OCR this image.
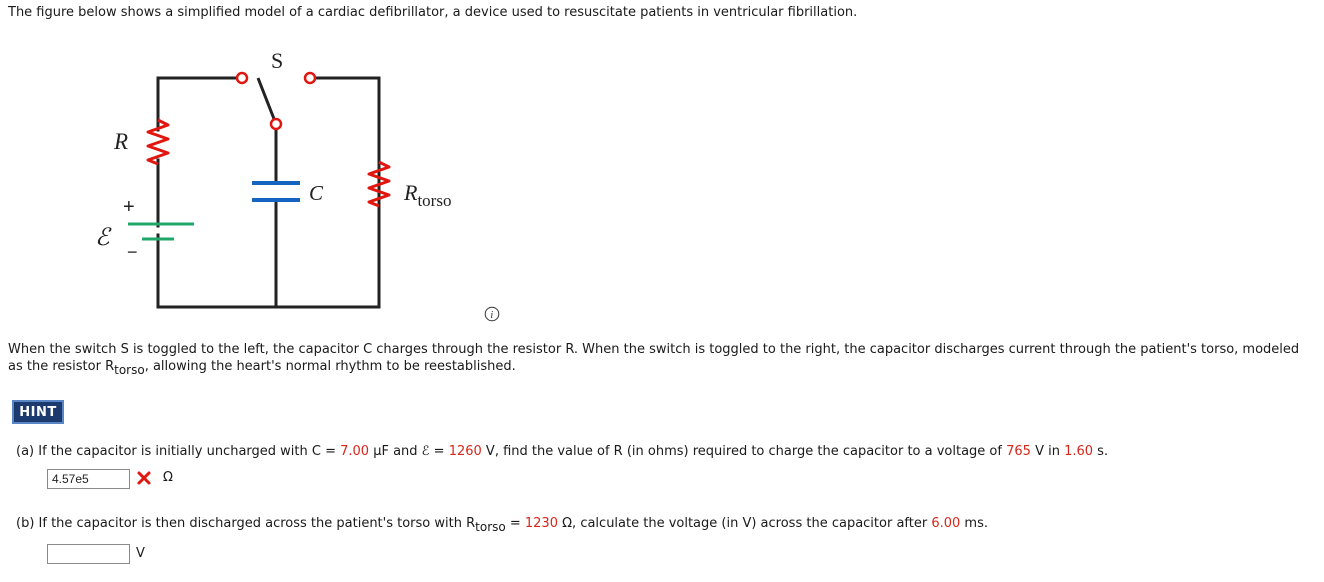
The figure below shows a simplified model of a cardiac defibrillator, a device used to resuscitate patients in ventricular fibrillation.
S
R
C
ℰ
+
−
$R_{torso}$
i
When the switch S is toggled to the left, the capacitor C charges through the resistor R. When the switch is toggled to the right, the capacitor discharges current through the patient's torso, modeled as the resistor $R_{torso}$, allowing the heart's normal rhythm to be reestablished.
HINT
(a) If the capacitor is initially uncharged with C = 7.00 μF and ℰ = 1260 V, find the value of R (in ohms) required to charge the capacitor to a voltage of 765 V in 1.60 s.
4.57e5
Ω
(b) If the capacitor is then discharged across the patient's torso with $R_{torso} = 1230$ Ω, calculate the voltage (in V) across the capacitor after 6.00 ms.
V
